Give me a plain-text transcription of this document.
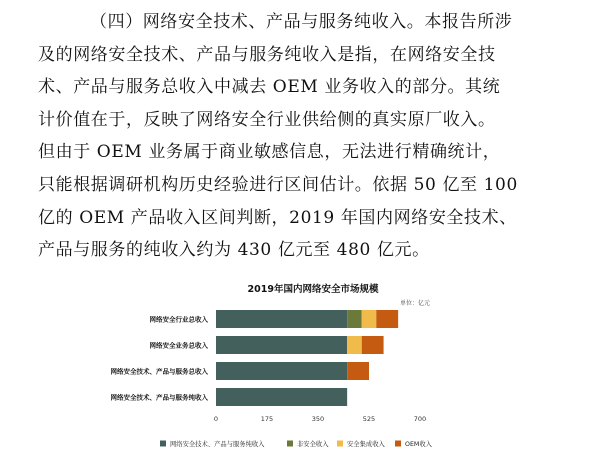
（四）网络安全技术、产品与服务纯收入。本报告所涉
及的网络安全技术、产品与服务纯收入是指，在网络安全技
术、产品与服务总收入中减去 OEM 业务收入的部分。其统
计价值在于，反映了网络安全行业供给侧的真实原厂收入。
但由于 OEM 业务属于商业敏感信息，无法进行精确统计，
只能根据调研机构历史经验进行区间估计。依据 50 亿至 100
亿的 OEM 产品收入区间判断，2019 年国内网络安全技术、
产品与服务的纯收入约为 430 亿元至 480 亿元。
2019年国内网络安全市场规模
单位：亿元
网络安全行业总收入
网络安全业务总收入
网络安全技术、产品与服务总收入
网络安全技术、产品与服务纯收入
0	175	350	525	700
网络安全技术、产品与服务纯收入	非安全收入	安全集成收入	OEM收入
